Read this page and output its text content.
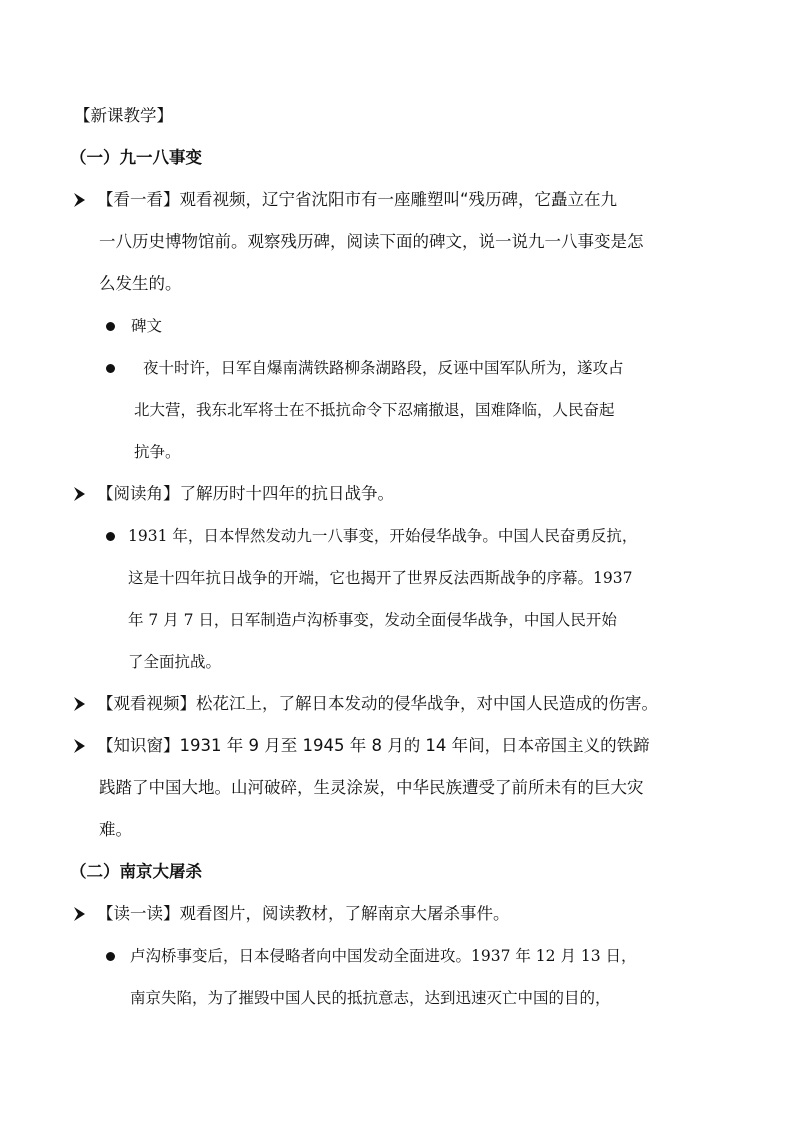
【新课教学】
（一）九一八事变
【看一看】观看视频，辽宁省沈阳市有一座雕塑叫“残历碑，它矗立在九
一八历史博物馆前。观察残历碑，阅读下面的碑文，说一说九一八事变是怎
么发生的。
碑文
夜十时许，日军自爆南满铁路柳条湖路段，反诬中国军队所为，遂攻占
北大营，我东北军将士在不抵抗命令下忍痛撤退，国难降临，人民奋起
抗争。
【阅读角】了解历时十四年的抗日战争。
1931 年，日本悍然发动九一八事变，开始侵华战争。中国人民奋勇反抗，
这是十四年抗日战争的开端，它也揭开了世界反法西斯战争的序幕。1937
年 7 月 7 日，日军制造卢沟桥事变，发动全面侵华战争，中国人民开始
了全面抗战。
【观看视频】松花江上，了解日本发动的侵华战争，对中国人民造成的伤害。
【知识窗】1931 年 9 月至 1945 年 8 月的 14 年间，日本帝国主义的铁蹄
践踏了中国大地。山河破碎，生灵涂炭，中华民族遭受了前所未有的巨大灾
难。
（二）南京大屠杀
【读一读】观看图片，阅读教材，了解南京大屠杀事件。
卢沟桥事变后，日本侵略者向中国发动全面进攻。1937 年 12 月 13 日，
南京失陷，为了摧毁中国人民的抵抗意志，达到迅速灭亡中国的目的，
